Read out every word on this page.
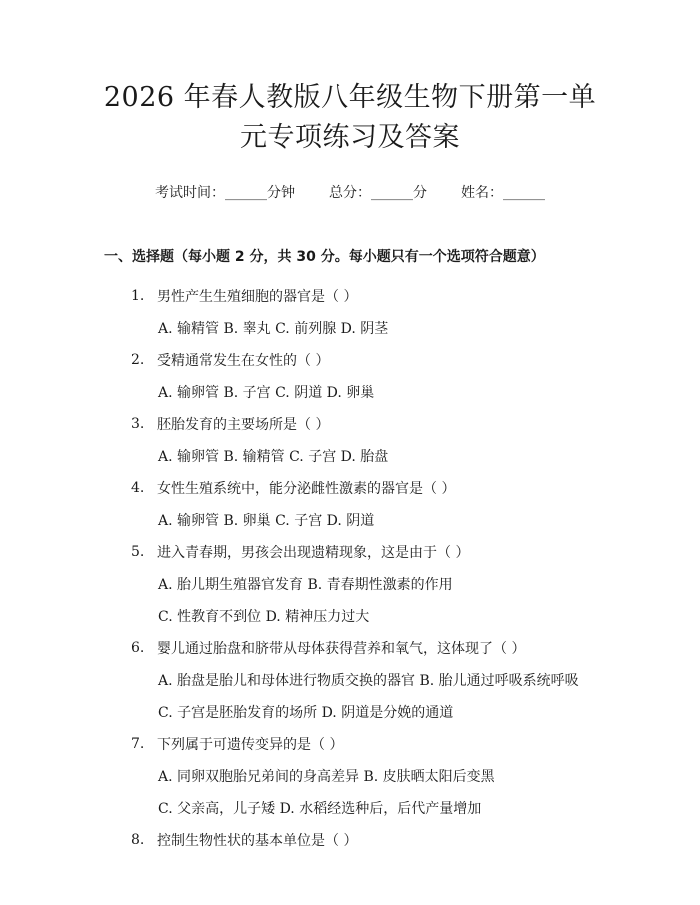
2026 年春人教版八年级生物下册第一单元专项练习及答案
考试时间：______分钟 总分：______分 姓名：______
一、选择题（每小题 2 分，共 30 分。每小题只有一个选项符合题意）
1. 男性产生生殖细胞的器官是（ ）
A. 输精管 B. 睾丸 C. 前列腺 D. 阴茎
2. 受精通常发生在女性的（ ）
A. 输卵管 B. 子宫 C. 阴道 D. 卵巢
3. 胚胎发育的主要场所是（ ）
A. 输卵管 B. 输精管 C. 子宫 D. 胎盘
4. 女性生殖系统中，能分泌雌性激素的器官是（ ）
A. 输卵管 B. 卵巢 C. 子宫 D. 阴道
5. 进入青春期，男孩会出现遗精现象，这是由于（ ）
A. 胎儿期生殖器官发育 B. 青春期性激素的作用
C. 性教育不到位 D. 精神压力过大
6. 婴儿通过胎盘和脐带从母体获得营养和氧气，这体现了（ ）
A. 胎盘是胎儿和母体进行物质交换的器官 B. 胎儿通过呼吸系统呼吸
C. 子宫是胚胎发育的场所 D. 阴道是分娩的通道
7. 下列属于可遗传变异的是（ ）
A. 同卵双胞胎兄弟间的身高差异 B. 皮肤晒太阳后变黑
C. 父亲高，儿子矮 D. 水稻经选种后，后代产量增加
8. 控制生物性状的基本单位是（ ）
